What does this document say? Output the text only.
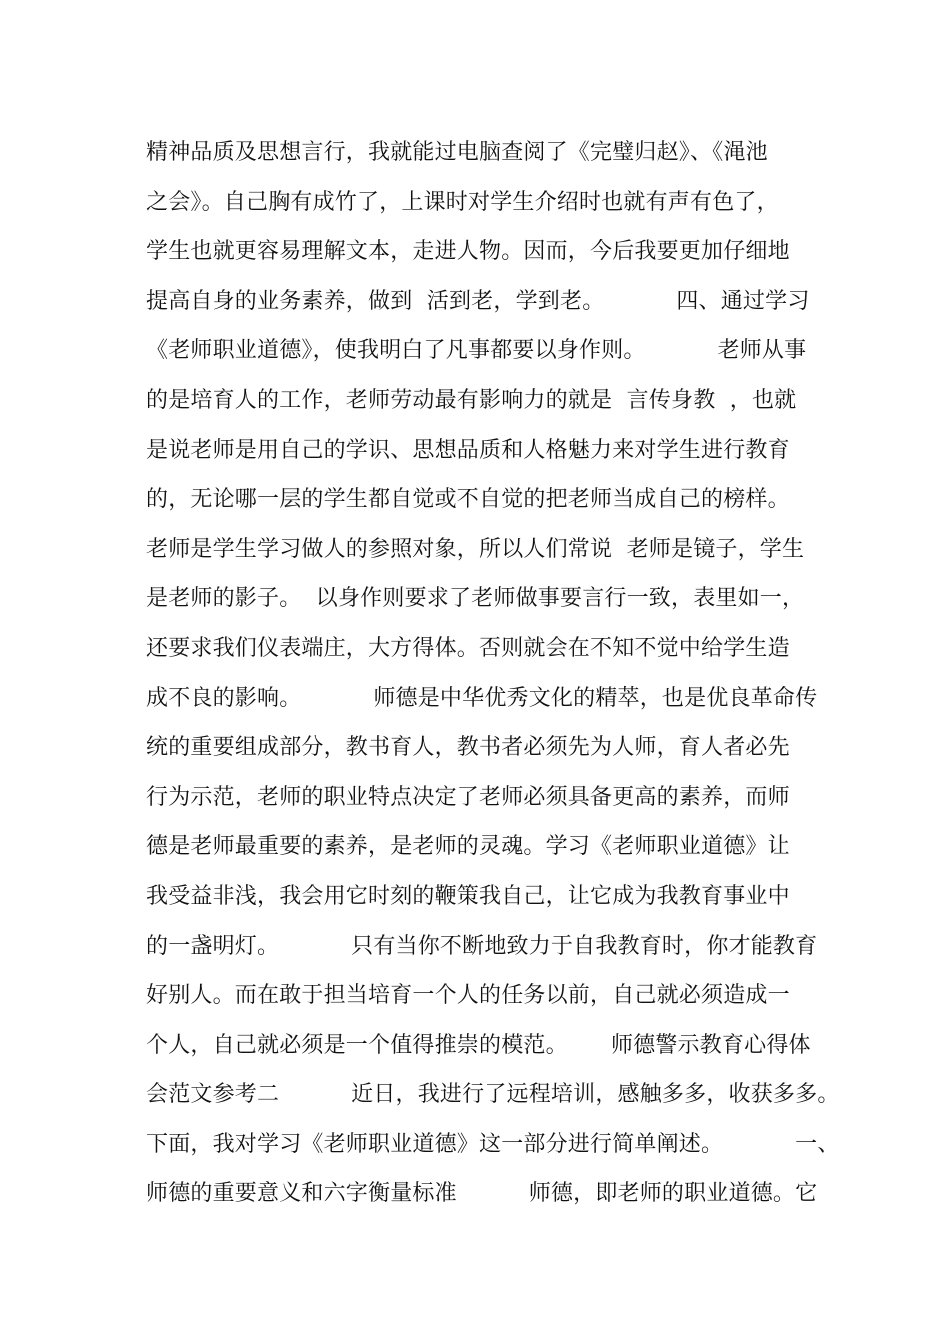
精神品质及思想言行，我就能过电脑查阅了《完璧归赵》、《渑池
之会》。自己胸有成竹了，上课时对学生介绍时也就有声有色了，
学生也就更容易理解文本，走进人物。因而，今后我要更加仔细地
提高自身的业务素养，做到  活到老，学到老。          四、通过学习
《老师职业道德》，使我明白了凡事都要以身作则。          老师从事
的是培育人的工作，老师劳动最有影响力的就是  言传身教  ，也就
是说老师是用自己的学识、思想品质和人格魅力来对学生进行教育
的，无论哪一层的学生都自觉或不自觉的把老师当成自己的榜样。
老师是学生学习做人的参照对象，所以人们常说  老师是镜子，学生
是老师的影子。  以身作则要求了老师做事要言行一致，表里如一，
还要求我们仪表端庄，大方得体。否则就会在不知不觉中给学生造
成不良的影响。          师德是中华优秀文化的精萃，也是优良革命传
统的重要组成部分，教书育人，教书者必须先为人师，育人者必先
行为示范，老师的职业特点决定了老师必须具备更高的素养，而师
德是老师最重要的素养，是老师的灵魂。学习《老师职业道德》让
我受益非浅，我会用它时刻的鞭策我自己，让它成为我教育事业中
的一盏明灯。          只有当你不断地致力于自我教育时，你才能教育
好别人。而在敢于担当培育一个人的任务以前，自己就必须造成一
个人，自己就必须是一个值得推崇的模范。      师德警示教育心得体
会范文参考二          近日，我进行了远程培训，感触多多，收获多多。
下面，我对学习《老师职业道德》这一部分进行简单阐述。          一、
师德的重要意义和六字衡量标准          师德，即老师的职业道德。它
